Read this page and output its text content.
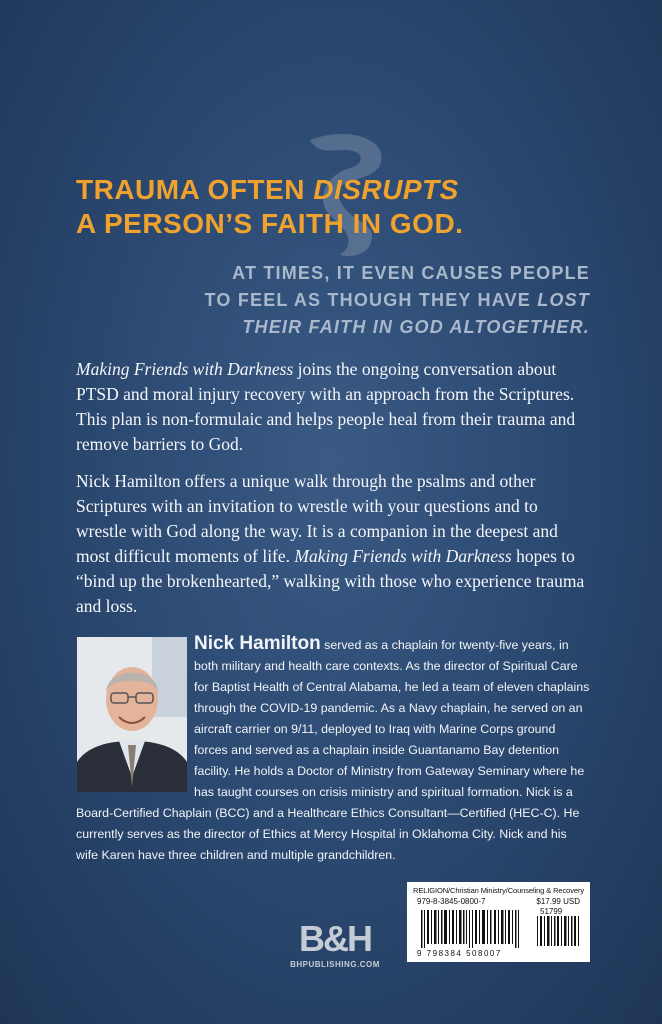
TRAUMA OFTEN DISRUPTS
A PERSON’S FAITH IN GOD.
AT TIMES, IT EVEN CAUSES PEOPLE
TO FEEL AS THOUGH THEY HAVE LOST
THEIR FAITH IN GOD ALTOGETHER.
Making Friends with Darkness joins the ongoing conversation about PTSD and moral injury recovery with an approach from the Scriptures. This plan is non-formulaic and helps people heal from their trauma and remove barriers to God.
Nick Hamilton offers a unique walk through the psalms and other Scriptures with an invitation to wrestle with your questions and to wrestle with God along the way. It is a companion in the deepest and most difficult moments of life. Making Friends with Darkness hopes to “bind up the brokenhearted,” walking with those who experience trauma and loss.
Nick Hamilton served as a chaplain for twenty-five years, in both military and health care contexts. As the director of Spiritual Care for Baptist Health of Central Alabama, he led a team of eleven chaplains through the COVID-19 pandemic. As a Navy chaplain, he served on an aircraft carrier on 9/11, deployed to Iraq with Marine Corps ground forces and served as a chaplain inside Guantanamo Bay detention facility. He holds a Doctor of Ministry from Gateway Seminary where he has taught courses on crisis ministry and spiritual formation. Nick is a Board-Certified Chaplain (BCC) and a Healthcare Ethics Consultant—Certified (HEC-C). He currently serves as the director of Ethics at Mercy Hospital in Oklahoma City. Nick and his wife Karen have three children and multiple grandchildren.
B&H
BHPUBLISHING.COM
RELIGION/Christian Ministry/Counseling & Recovery
979-8-3845-0800-7	$17.99 USD
51799
9 798384 508007
